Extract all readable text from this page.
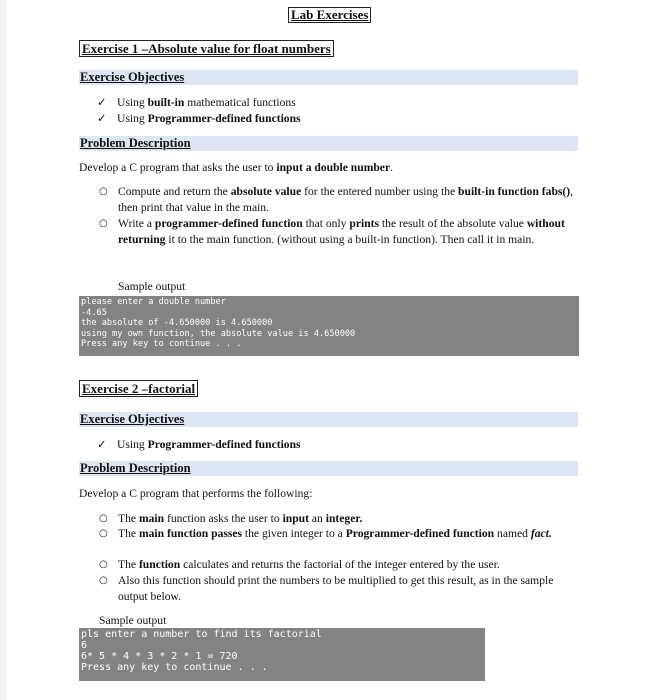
Lab Exercises
Exercise 1 –Absolute value for float numbers
Exercise Objectives
✓ Using built-in mathematical functions
✓ Using Programmer-defined functions
Problem Description
Develop a C program that asks the user to input a double number.
○ Compute and return the absolute value for the entered number using the built-in function fabs(), then print that value in the main.
○ Write a programmer-defined function that only prints the result of the absolute value without returning it to the main function. (without using a built-in function). Then call it in main.
Sample output
please enter a double number
-4.65
the absolute of -4.650000 is 4.650000
using my own function, the absolute value is 4.650000
Press any key to continue . . .
Exercise 2 –factorial
Exercise Objectives
✓ Using Programmer-defined functions
Problem Description
Develop a C program that performs the following:
○ The main function asks the user to input an integer.
○ The main function passes the given integer to a Programmer-defined function named fact.
○ The function calculates and returns the factorial of the integer entered by the user.
○ Also this function should print the numbers to be multiplied to get this result, as in the sample output below.
Sample output
pls enter a number to find its factorial
6
6* 5 * 4 * 3 * 2 * 1 = 720
Press any key to continue . . .
